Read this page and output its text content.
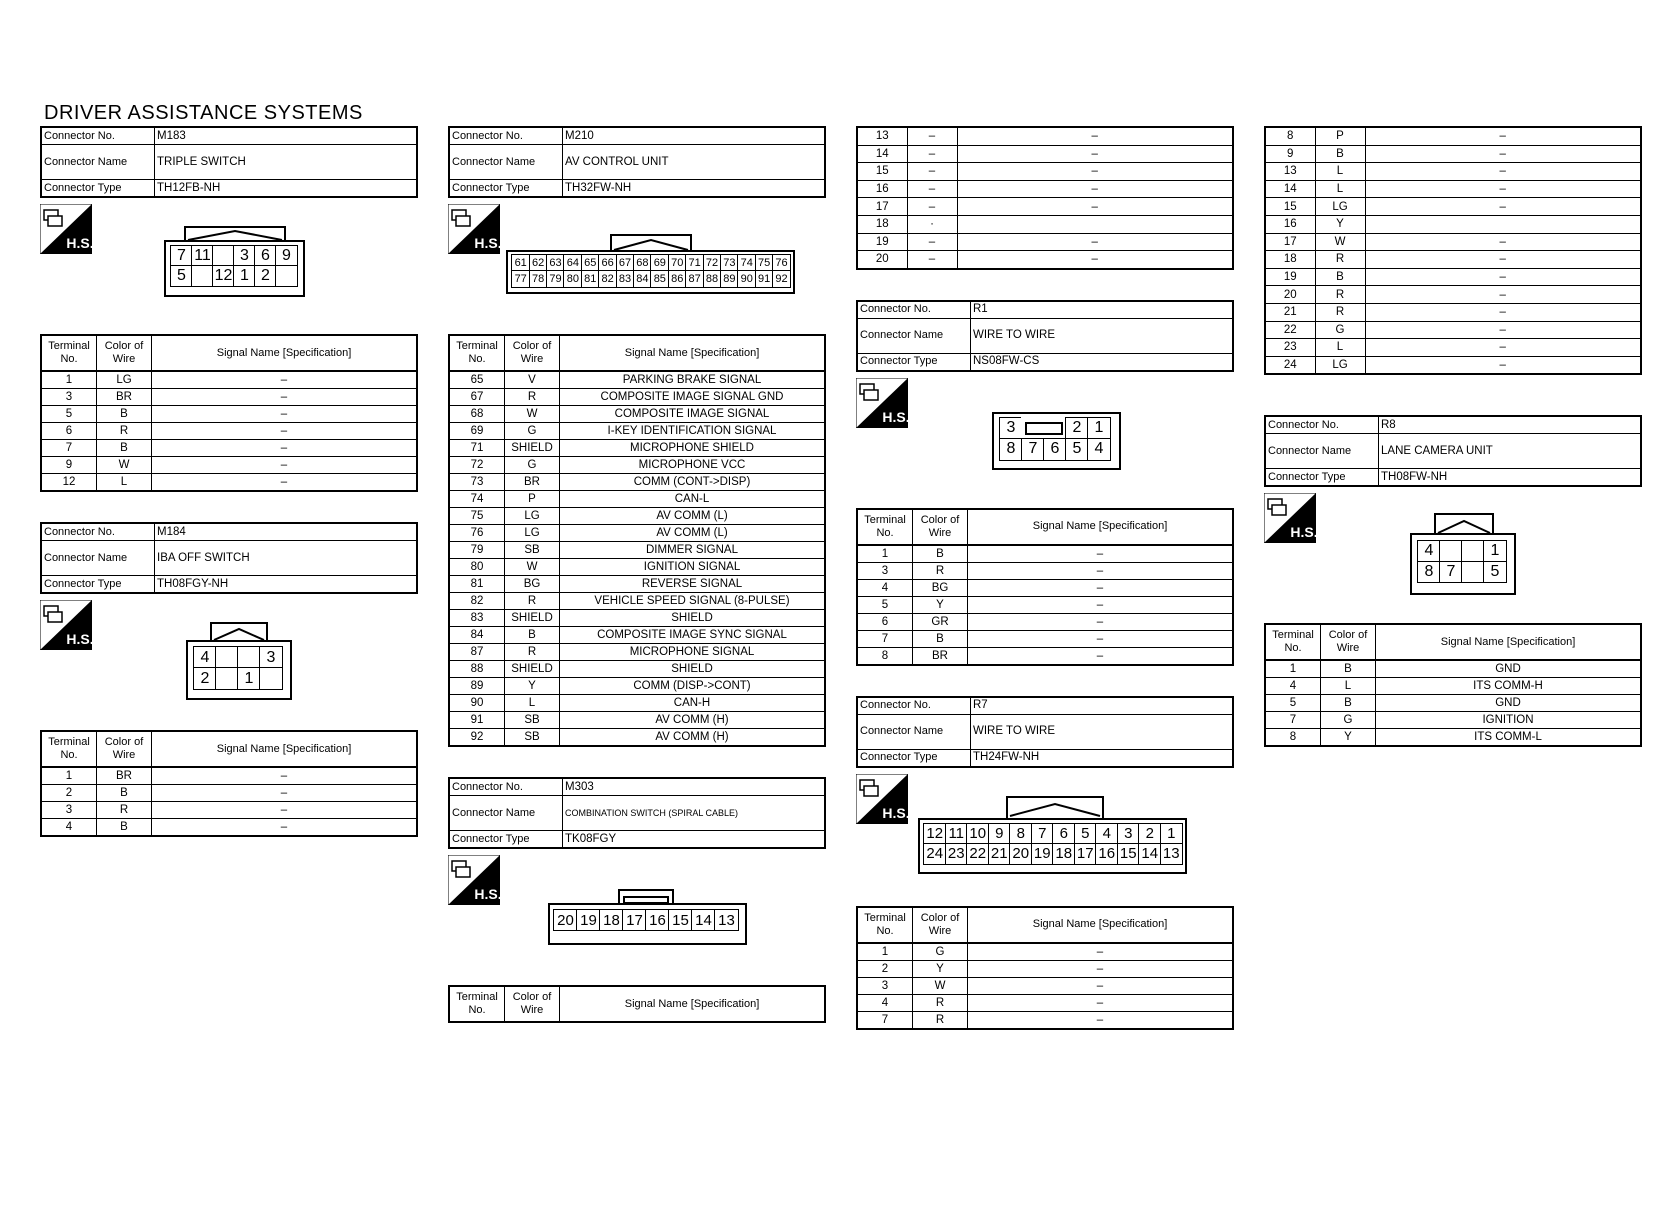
DRIVER ASSISTANCE SYSTEMS
Connector No.	M183
Connector Name	TRIPLE SWITCH
Connector Type	TH12FB-NH
H.S.
7 11	3 6 9
5	12 1 2
Terminal No.	Color of Wire	Signal Name [Specification]
1	LG	–
3	BR	–
5	B	–
6	R	–
7	B	–
9	W	–
12	L	–
Connector No.	M184
Connector Name	IBA OFF SWITCH
Connector Type	TH08FGY-NH
H.S.
4	3
2	1
Terminal No.	Color of Wire	Signal Name [Specification]
1	BR	–
2	B	–
3	R	–
4	B	–
Connector No.	M210
Connector Name	AV CONTROL UNIT
Connector Type	TH32FW-NH
H.S.
61 62 63 64 65 66 67 68 69 70 71 72 73 74 75 76
77 78 79 80 81 82 83 84 85 86 87 88 89 90 91 92
Terminal No.	Color of Wire	Signal Name [Specification]
65	V	PARKING BRAKE SIGNAL
67	R	COMPOSITE IMAGE SIGNAL GND
68	W	COMPOSITE IMAGE SIGNAL
69	G	I-KEY IDENTIFICATION SIGNAL
71	SHIELD	MICROPHONE SHIELD
72	G	MICROPHONE VCC
73	BR	COMM (CONT->DISP)
74	P	CAN-L
75	LG	AV COMM (L)
76	LG	AV COMM (L)
79	SB	DIMMER SIGNAL
80	W	IGNITION SIGNAL
81	BG	REVERSE SIGNAL
82	R	VEHICLE SPEED SIGNAL (8-PULSE)
83	SHIELD	SHIELD
84	B	COMPOSITE IMAGE SYNC SIGNAL
87	R	MICROPHONE SIGNAL
88	SHIELD	SHIELD
89	Y	COMM (DISP->CONT)
90	L	CAN-H
91	SB	AV COMM (H)
92	SB	AV COMM (H)
Connector No.	M303
Connector Name	COMBINATION SWITCH (SPIRAL CABLE)
Connector Type	TK08FGY
H.S.
20 19 18 17 16 15 14 13
Terminal No.	Color of Wire	Signal Name [Specification]
13	–	–
14	–	–
15	–	–
16	–	–
17	–	–
18	·	
19	–	–
20	–	–
Connector No.	R1
Connector Name	WIRE TO WIRE
Connector Type	NS08FW-CS
H.S.
3	2 1
8 7 6 5 4
Terminal No.	Color of Wire	Signal Name [Specification]
1	B	–
3	R	–
4	BG	–
5	Y	–
6	GR	–
7	B	–
8	BR	–
Connector No.	R7
Connector Name	WIRE TO WIRE
Connector Type	TH24FW-NH
H.S.
12 11 10 9 8 7 6 5 4 3 2 1
24 23 22 21 20 19 18 17 16 15 14 13
Terminal No.	Color of Wire	Signal Name [Specification]
1	G	–
2	Y	–
3	W	–
4	R	–
7	R	–
8	P	–
9	B	–
13	L	–
14	L	–
15	LG	–
16	Y	
17	W	–
18	R	–
19	B	–
20	R	–
21	R	–
22	G	–
23	L	–
24	LG	–
Connector No.	R8
Connector Name	LANE CAMERA UNIT
Connector Type	TH08FW-NH
H.S.
4	1
8 7	5
Terminal No.	Color of Wire	Signal Name [Specification]
1	B	GND
4	L	ITS COMM-H
5	B	GND
7	G	IGNITION
8	Y	ITS COMM-L
